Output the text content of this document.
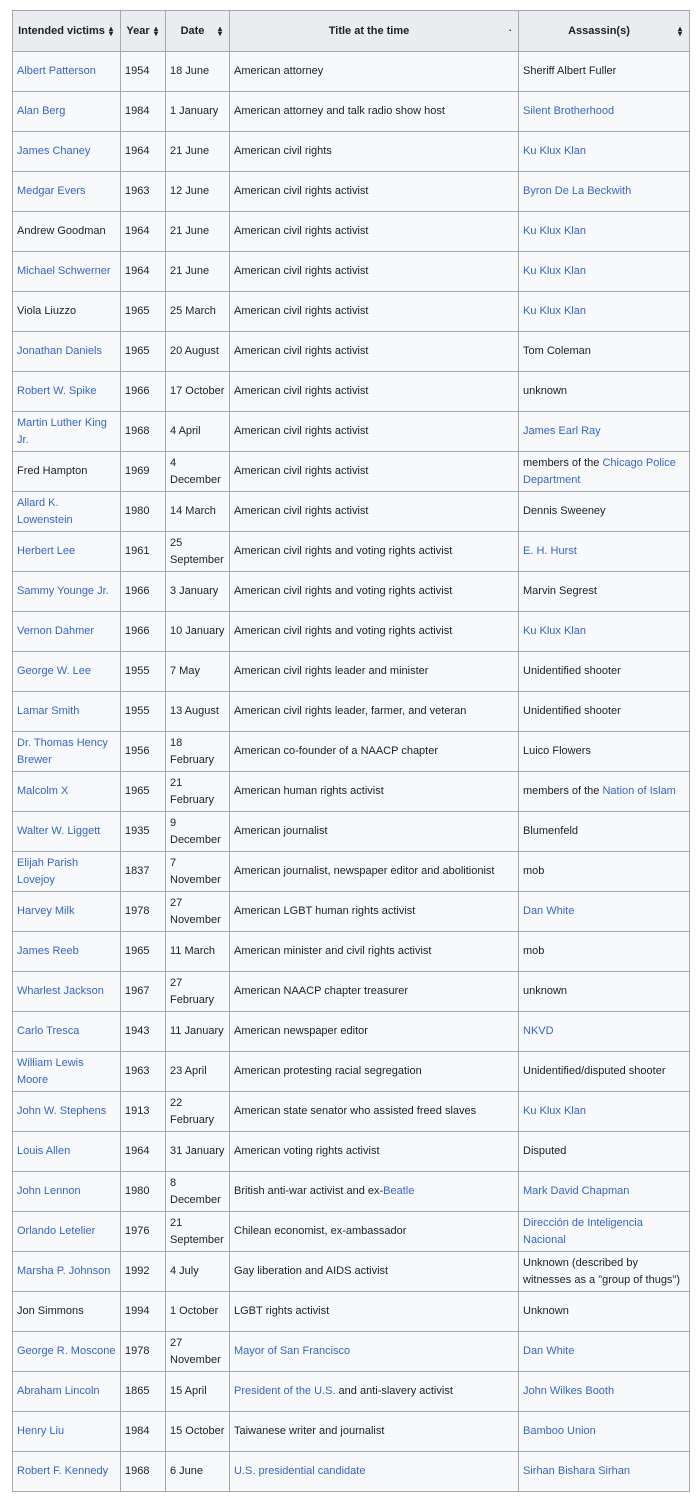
Intended victims ▴▾	Year ▴▾	Date ▴▾	Title at the time ·	Assassin(s) ▴▾

Albert Patterson	1954	18 June	American attorney	Sheriff Albert Fuller
Alan Berg	1984	1 January	American attorney and talk radio show host	Silent Brotherhood
James Chaney	1964	21 June	American civil rights	Ku Klux Klan
Medgar Evers	1963	12 June	American civil rights activist	Byron De La Beckwith
Andrew Goodman	1964	21 June	American civil rights activist	Ku Klux Klan
Michael Schwerner	1964	21 June	American civil rights activist	Ku Klux Klan
Viola Liuzzo	1965	25 March	American civil rights activist	Ku Klux Klan
Jonathan Daniels	1965	20 August	American civil rights activist	Tom Coleman
Robert W. Spike	1966	17 October	American civil rights activist	unknown
Martin Luther King Jr.	1968	4 April	American civil rights activist	James Earl Ray
Fred Hampton	1969	4 December	American civil rights activist	members of the Chicago Police Department
Allard K. Lowenstein	1980	14 March	American civil rights activist	Dennis Sweeney
Herbert Lee	1961	25 September	American civil rights and voting rights activist	E. H. Hurst
Sammy Younge Jr.	1966	3 January	American civil rights and voting rights activist	Marvin Segrest
Vernon Dahmer	1966	10 January	American civil rights and voting rights activist	Ku Klux Klan
George W. Lee	1955	7 May	American civil rights leader and minister	Unidentified shooter
Lamar Smith	1955	13 August	American civil rights leader, farmer, and veteran	Unidentified shooter
Dr. Thomas Hency Brewer	1956	18 February	American co-founder of a NAACP chapter	Luico Flowers
Malcolm X	1965	21 February	American human rights activist	members of the Nation of Islam
Walter W. Liggett	1935	9 December	American journalist	Blumenfeld
Elijah Parish Lovejoy	1837	7 November	American journalist, newspaper editor and abolitionist	mob
Harvey Milk	1978	27 November	American LGBT human rights activist	Dan White
James Reeb	1965	11 March	American minister and civil rights activist	mob
Wharlest Jackson	1967	27 February	American NAACP chapter treasurer	unknown
Carlo Tresca	1943	11 January	American newspaper editor	NKVD
William Lewis Moore	1963	23 April	American protesting racial segregation	Unidentified/disputed shooter
John W. Stephens	1913	22 February	American state senator who assisted freed slaves	Ku Klux Klan
Louis Allen	1964	31 January	American voting rights activist	Disputed
John Lennon	1980	8 December	British anti-war activist and ex-Beatle	Mark David Chapman
Orlando Letelier	1976	21 September	Chilean economist, ex-ambassador	Dirección de Inteligencia Nacional
Marsha P. Johnson	1992	4 July	Gay liberation and AIDS activist	Unknown (described by witnesses as a "group of thugs")
Jon Simmons	1994	1 October	LGBT rights activist	Unknown
George R. Moscone	1978	27 November	Mayor of San Francisco	Dan White
Abraham Lincoln	1865	15 April	President of the U.S. and anti-slavery activist	John Wilkes Booth
Henry Liu	1984	15 October	Taiwanese writer and journalist	Bamboo Union
Robert F. Kennedy	1968	6 June	U.S. presidential candidate	Sirhan Bishara Sirhan
